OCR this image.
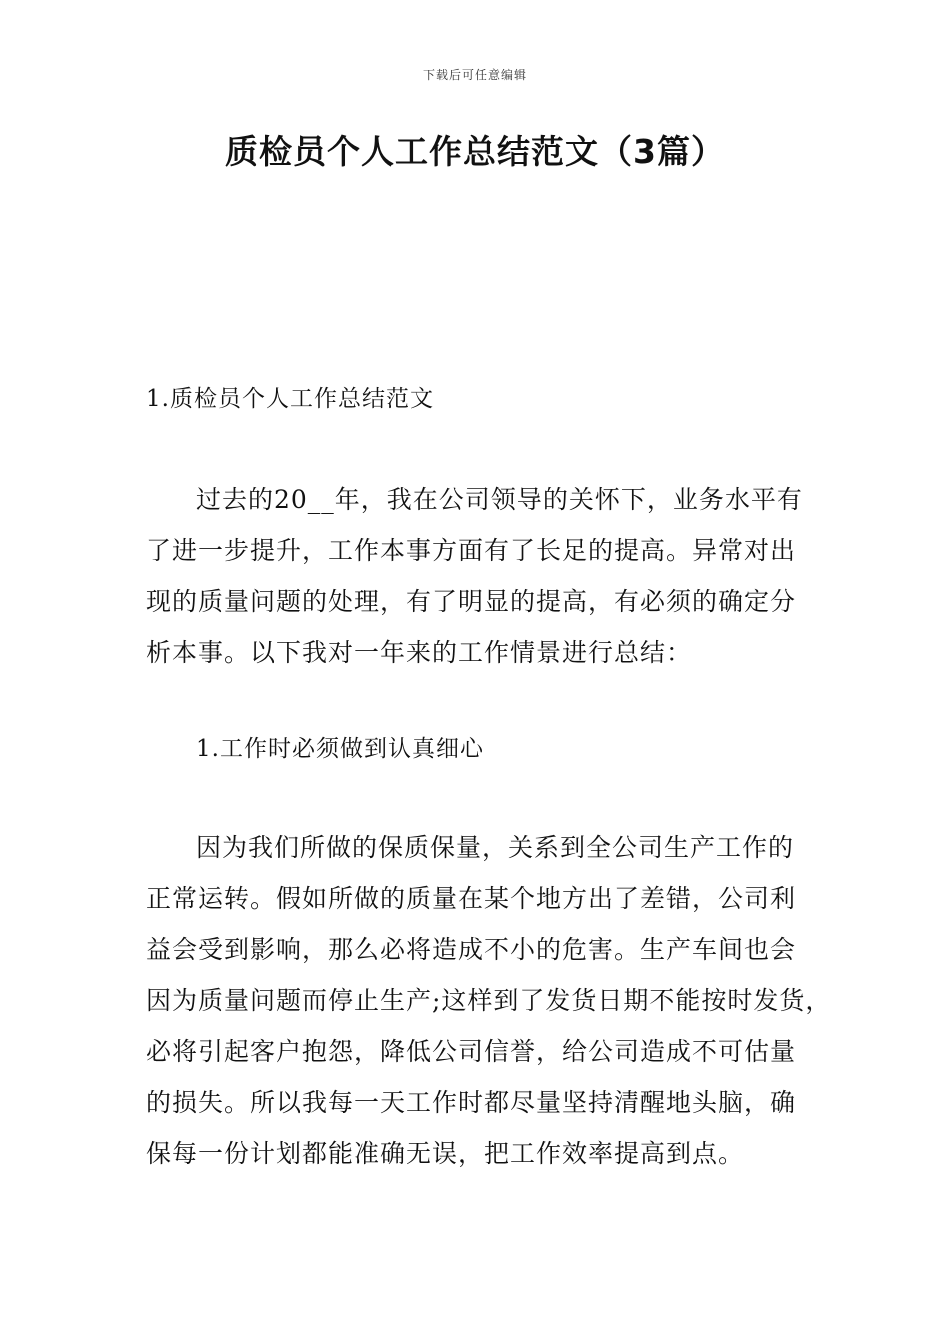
下载后可任意编辑
质检员个人工作总结范文（3篇）
1.质检员个人工作总结范文
过去的20__年，我在公司领导的关怀下，业务水平有
了进一步提升，工作本事方面有了长足的提高。异常对出
现的质量问题的处理，有了明显的提高，有必须的确定分
析本事。以下我对一年来的工作情景进行总结：
1.工作时必须做到认真细心
因为我们所做的保质保量，关系到全公司生产工作的
正常运转。假如所做的质量在某个地方出了差错，公司利
益会受到影响，那么必将造成不小的危害。生产车间也会
因为质量问题而停止生产;这样到了发货日期不能按时发货，
必将引起客户抱怨，降低公司信誉，给公司造成不可估量
的损失。所以我每一天工作时都尽量坚持清醒地头脑，确
保每一份计划都能准确无误，把工作效率提高到点。
